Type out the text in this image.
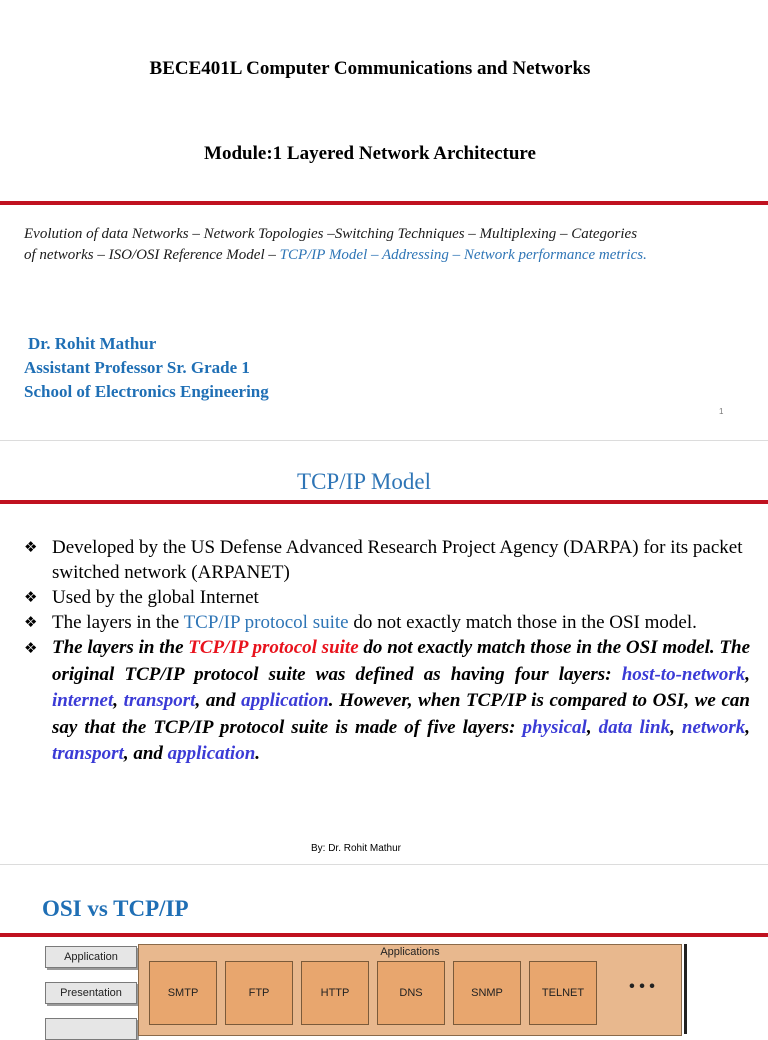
BECE401L Computer Communications and Networks
Module:1 Layered Network Architecture
Evolution of data Networks – Network Topologies –Switching Techniques – Multiplexing – Categories
of networks – ISO/OSI Reference Model – TCP/IP Model – Addressing – Network performance metrics.
Dr. Rohit Mathur
Assistant Professor Sr. Grade 1
School of Electronics Engineering
1
TCP/IP Model
❖ Developed by the US Defense Advanced Research Project Agency (DARPA) for its packet switched network (ARPANET)
❖ Used by the global Internet
❖ The layers in the TCP/IP protocol suite do not exactly match those in the OSI model.
❖ The layers in the TCP/IP protocol suite do not exactly match those in the OSI model. The original TCP/IP protocol suite was defined as having four layers: host-to-network, internet, transport, and application. However, when TCP/IP is compared to OSI, we can say that the TCP/IP protocol suite is made of five layers: physical, data link, network, transport, and application.
By: Dr. Rohit Mathur
OSI vs TCP/IP
Application
Presentation
Applications
SMTP	FTP	HTTP	DNS	SNMP	TELNET	• • •
